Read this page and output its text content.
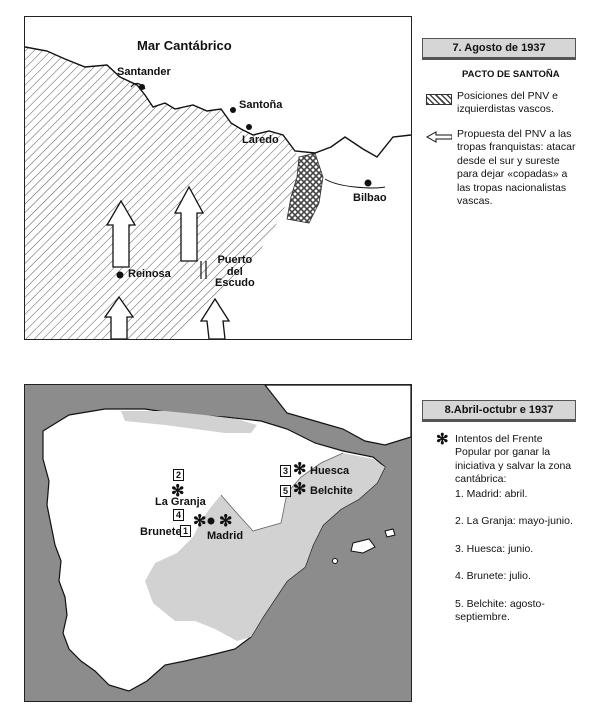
Mar Cantábrico
Santander
Santoña
Laredo
Bilbao
Reinosa
Puerto
del
Escudo
7. Agosto de 1937
PACTO DE SANTOÑA
Posiciones del PNV e izquierdistas vascos.
Propuesta del PNV a las tropas franquistas: atacar desde el sur y sureste para dejar «copadas» a las tropas nacionalistas vascas.
2
4
1
3
5
✻
✻ ✻
✻
✻
La Granja
Brunete Madrid
Huesca
Belchite
8.Abril-octubr e 1937
✻ Intentos del Frente Popular por ganar la iniciativa y salvar la zona cantábrica:
1. Madrid: abril.
2. La Granja: mayo-junio.
3. Huesca: junio.
4. Brunete: julio.
5. Belchite: agosto-septiembre.
